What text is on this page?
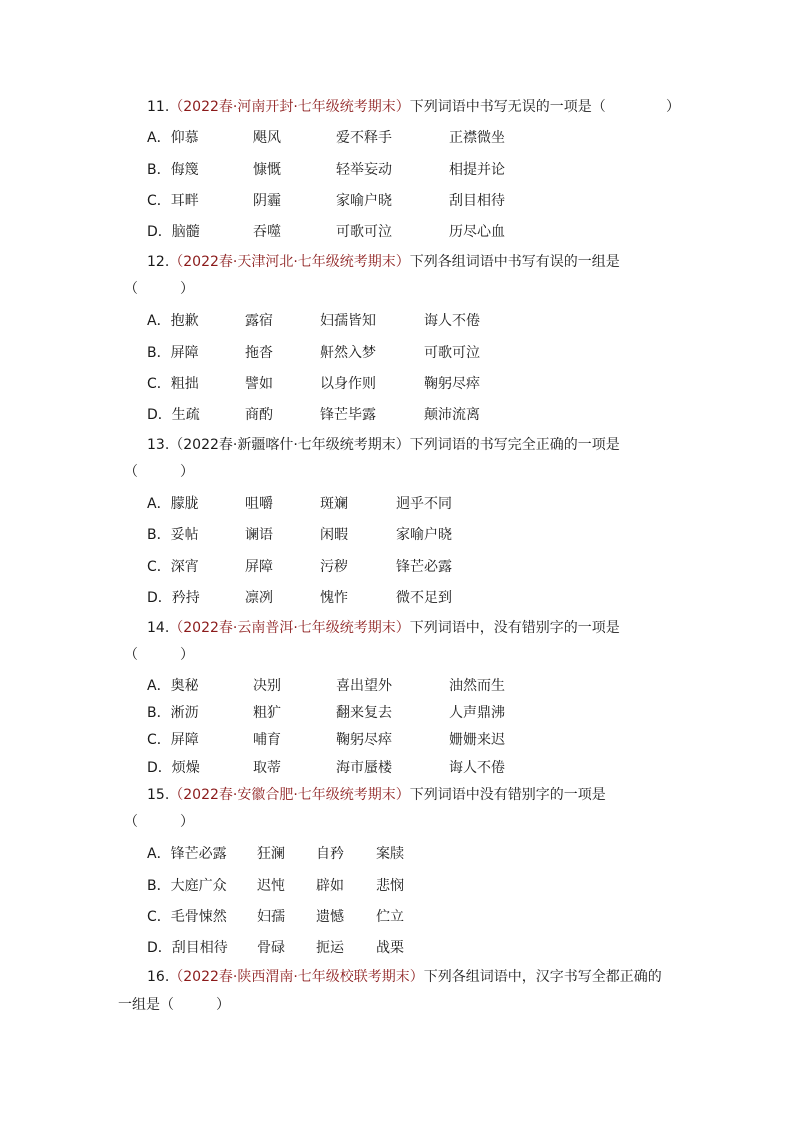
11.（2022春·河南开封·七年级统考期末）下列词语中书写无误的一项是（	）
A．仰慕	飓风	爱不释手	正襟微坐
B．侮篾	慷慨	轻举妄动	相提并论
C．耳畔	阴霾	家喻户晓	刮目相待
D．脑髓	吞噬	可歌可泣	历尽心血
12.（2022春·天津河北·七年级统考期末）下列各组词语中书写有误的一组是
（　　　）
A．抱歉	露宿	妇孺皆知	诲人不倦
B．屏障	拖沓	鼾然入梦	可歌可泣
C．粗拙	譬如	以身作则	鞠躬尽瘁
D．生疏	商酌	锋芒毕露	颠沛流离
13.（2022春·新疆喀什·七年级统考期末）下列词语的书写完全正确的一项是
（　　　）
A．朦胧	咀嚼	斑斓	迥乎不同
B．妥帖	谰语	闲暇	家喻户晓
C．深宵	屏障	污秽	锋芒必露
D．矜持	凛冽	愧怍	微不足到
14.（2022春·云南普洱·七年级统考期末）下列词语中，没有错别字的一项是
（　　　）
A．奥秘	决别	喜出望外	油然而生
B．淅沥	粗犷	翻来复去	人声鼎沸
C．屏障	哺育	鞠躬尽瘁	姗姗来迟
D．烦燥	取蒂	海市蜃楼	诲人不倦
15.（2022春·安徽合肥·七年级统考期末）下列词语中没有错别字的一项是
（　　　）
A．锋芒必露 狂澜 自矜 案牍
B．大庭广众 迟忳 辟如 悲悯
C．毛骨悚然 妇孺 遗憾 伫立
D．刮目相待 骨碌 扼运 战栗
16.（2022春·陕西渭南·七年级校联考期末）下列各组词语中，汉字书写全都正确的
一组是（　　　）
